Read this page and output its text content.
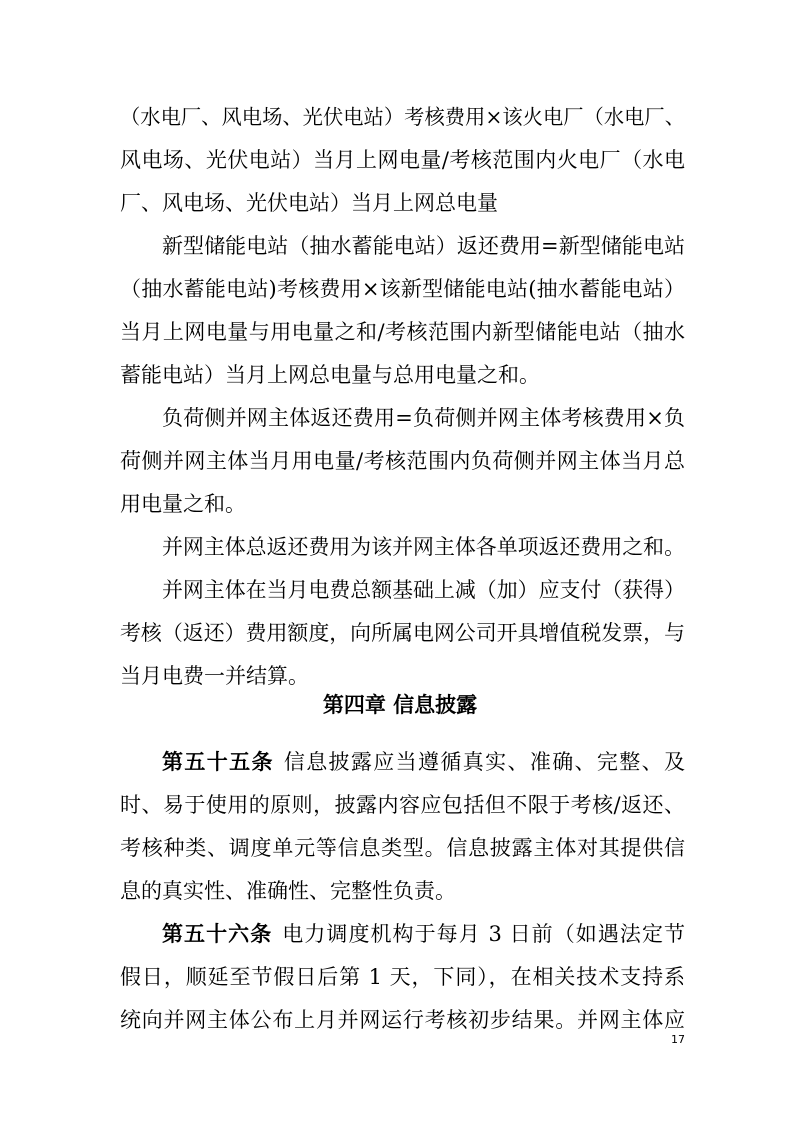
（水电厂、风电场、光伏电站）考核费用×该火电厂（水电厂、
风电场、光伏电站）当月上网电量/考核范围内火电厂（水电
厂、风电场、光伏电站）当月上网总电量
新型储能电站（抽水蓄能电站）返还费用=新型储能电站
（抽水蓄能电站)考核费用×该新型储能电站(抽水蓄能电站）
当月上网电量与用电量之和/考核范围内新型储能电站（抽水
蓄能电站）当月上网总电量与总用电量之和。
负荷侧并网主体返还费用=负荷侧并网主体考核费用×负
荷侧并网主体当月用电量/考核范围内负荷侧并网主体当月总
用电量之和。
并网主体总返还费用为该并网主体各单项返还费用之和。
并网主体在当月电费总额基础上减（加）应支付（获得）
考核（返还）费用额度，向所属电网公司开具增值税发票，与
当月电费一并结算。
第四章 信息披露
第五十五条 信息披露应当遵循真实、准确、完整、及
时、易于使用的原则，披露内容应包括但不限于考核/返还、
考核种类、调度单元等信息类型。信息披露主体对其提供信
息的真实性、准确性、完整性负责。
第五十六条 电力调度机构于每月 3 日前（如遇法定节
假日，顺延至节假日后第 1 天，下同），在相关技术支持系
统向并网主体公布上月并网运行考核初步结果。并网主体应
17
